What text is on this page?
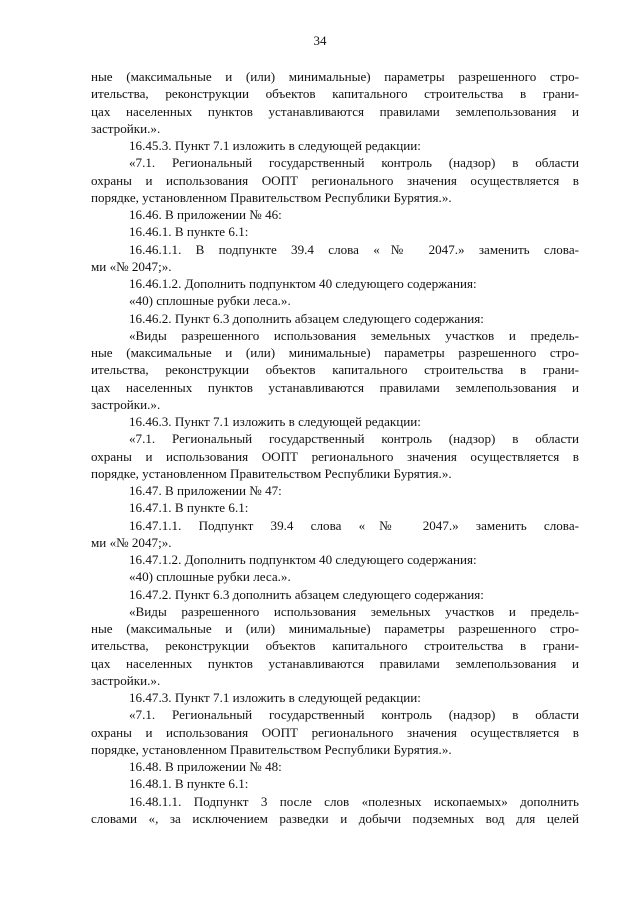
34
ные (максимальные и (или) минимальные) параметры разрешенного стро-
ительства, реконструкции объектов капитального строительства в грани-
цах населенных пунктов устанавливаются правилами землепользования и
застройки.».
16.45.3. Пункт 7.1 изложить в следующей редакции:
«7.1. Региональный государственный контроль (надзор) в области
охраны и использования ООПТ регионального значения осуществляется в
порядке, установленном Правительством Республики Бурятия.».
16.46. В приложении № 46:
16.46.1. В пункте 6.1:
16.46.1.1. В подпункте 39.4 слова «№ 2047.» заменить слова-
ми «№ 2047;».
16.46.1.2. Дополнить подпунктом 40 следующего содержания:
«40) сплошные рубки леса.».
16.46.2. Пункт 6.3 дополнить абзацем следующего содержания:
«Виды разрешенного использования земельных участков и предель-
ные (максимальные и (или) минимальные) параметры разрешенного стро-
ительства, реконструкции объектов капитального строительства в грани-
цах населенных пунктов устанавливаются правилами землепользования и
застройки.».
16.46.3. Пункт 7.1 изложить в следующей редакции:
«7.1. Региональный государственный контроль (надзор) в области
охраны и использования ООПТ регионального значения осуществляется в
порядке, установленном Правительством Республики Бурятия.».
16.47. В приложении № 47:
16.47.1. В пункте 6.1:
16.47.1.1. Подпункт 39.4 слова «№ 2047.» заменить слова-
ми «№ 2047;».
16.47.1.2. Дополнить подпунктом 40 следующего содержания:
«40) сплошные рубки леса.».
16.47.2. Пункт 6.3 дополнить абзацем следующего содержания:
«Виды разрешенного использования земельных участков и предель-
ные (максимальные и (или) минимальные) параметры разрешенного стро-
ительства, реконструкции объектов капитального строительства в грани-
цах населенных пунктов устанавливаются правилами землепользования и
застройки.».
16.47.3. Пункт 7.1 изложить в следующей редакции:
«7.1. Региональный государственный контроль (надзор) в области
охраны и использования ООПТ регионального значения осуществляется в
порядке, установленном Правительством Республики Бурятия.».
16.48. В приложении № 48:
16.48.1. В пункте 6.1:
16.48.1.1. Подпункт 3 после слов «полезных ископаемых» дополнить
словами «, за исключением разведки и добычи подземных вод для целей
